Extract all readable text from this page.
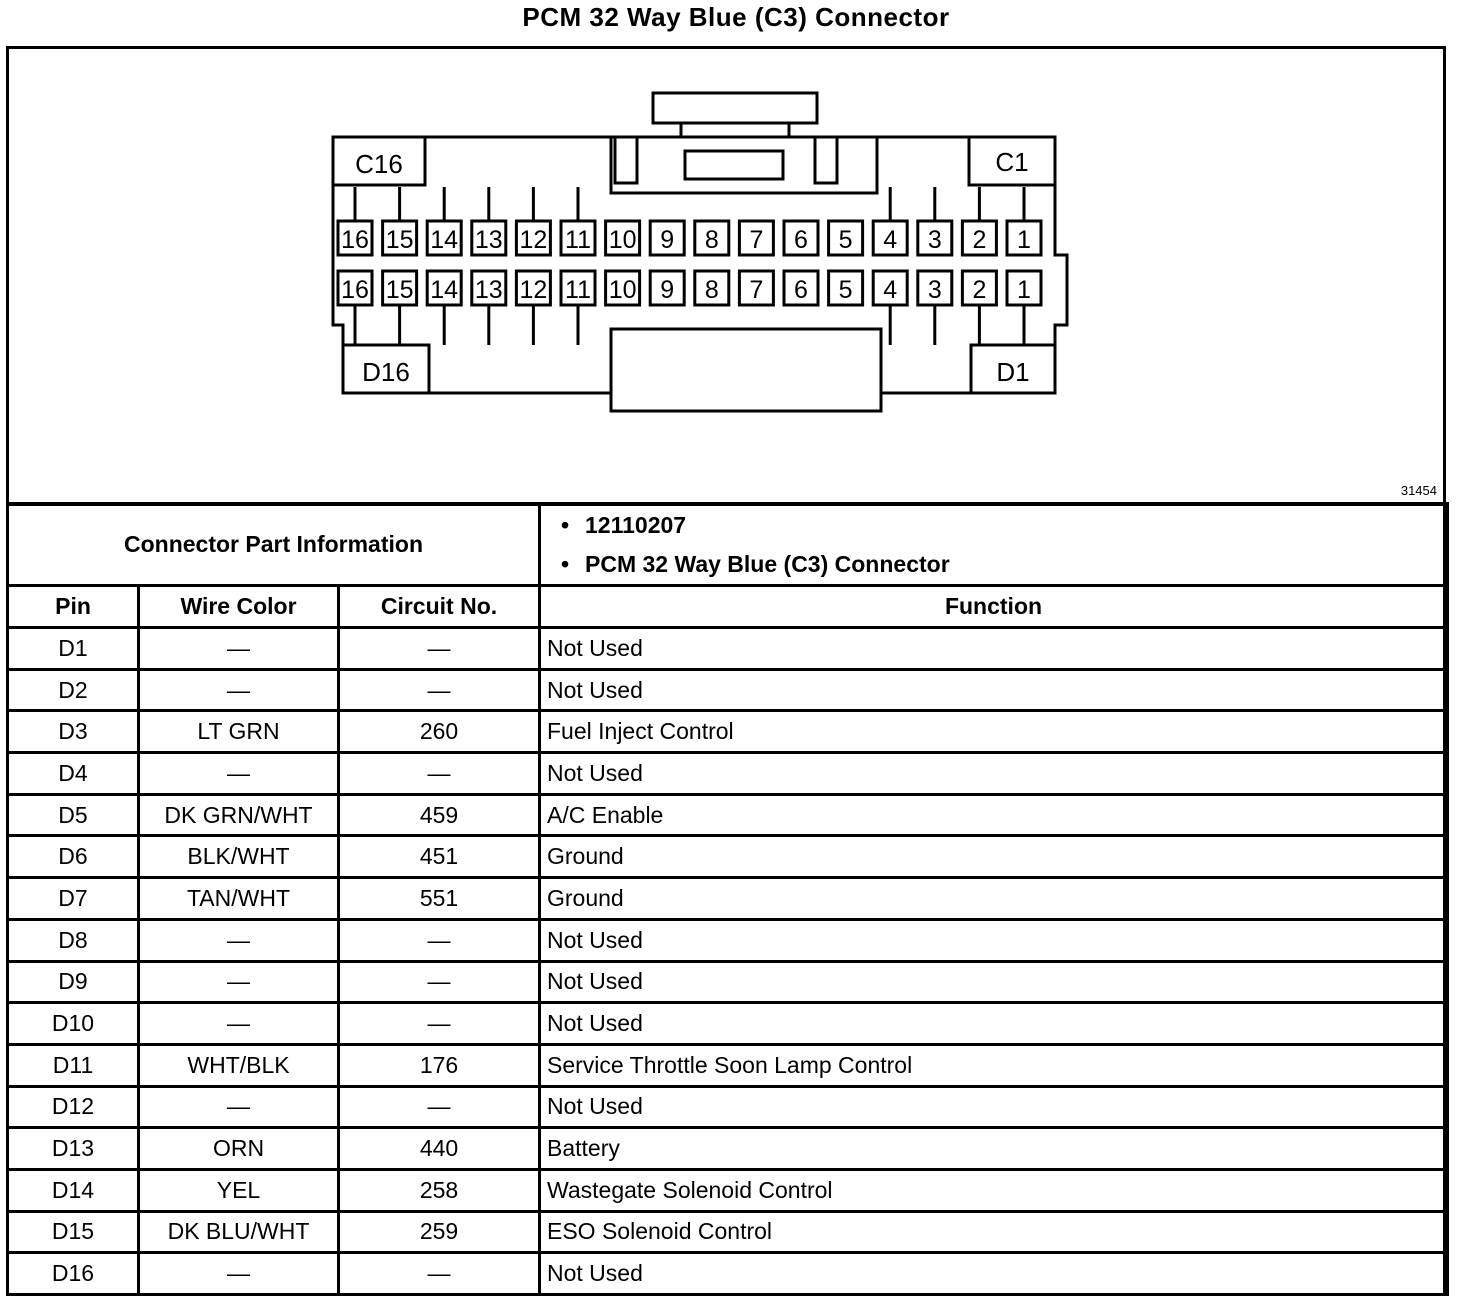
PCM 32 Way Blue (C3) Connector
16 15 14 13 12 11 10 9 8 7 6 5 4 3 2 1
16 15 14 13 12 11 10 9 8 7 6 5 4 3 2 1
C16	C1
D16	D1
31454
Connector Part Information			• 12110207
• PCM 32 Way Blue (C3) Connector

Pin	Wire Color	Circuit No.	Function
D1	—	—	Not Used
D2	—	—	Not Used
D3	LT GRN	260	Fuel Inject Control
D4	—	—	Not Used
D5	DK GRN/WHT	459	A/C Enable
D6	BLK/WHT	451	Ground
D7	TAN/WHT	551	Ground
D8	—	—	Not Used
D9	—	—	Not Used
D10	—	—	Not Used
D11	WHT/BLK	176	Service Throttle Soon Lamp Control
D12	—	—	Not Used
D13	ORN	440	Battery
D14	YEL	258	Wastegate Solenoid Control
D15	DK BLU/WHT	259	ESO Solenoid Control
D16	—	—	Not Used
